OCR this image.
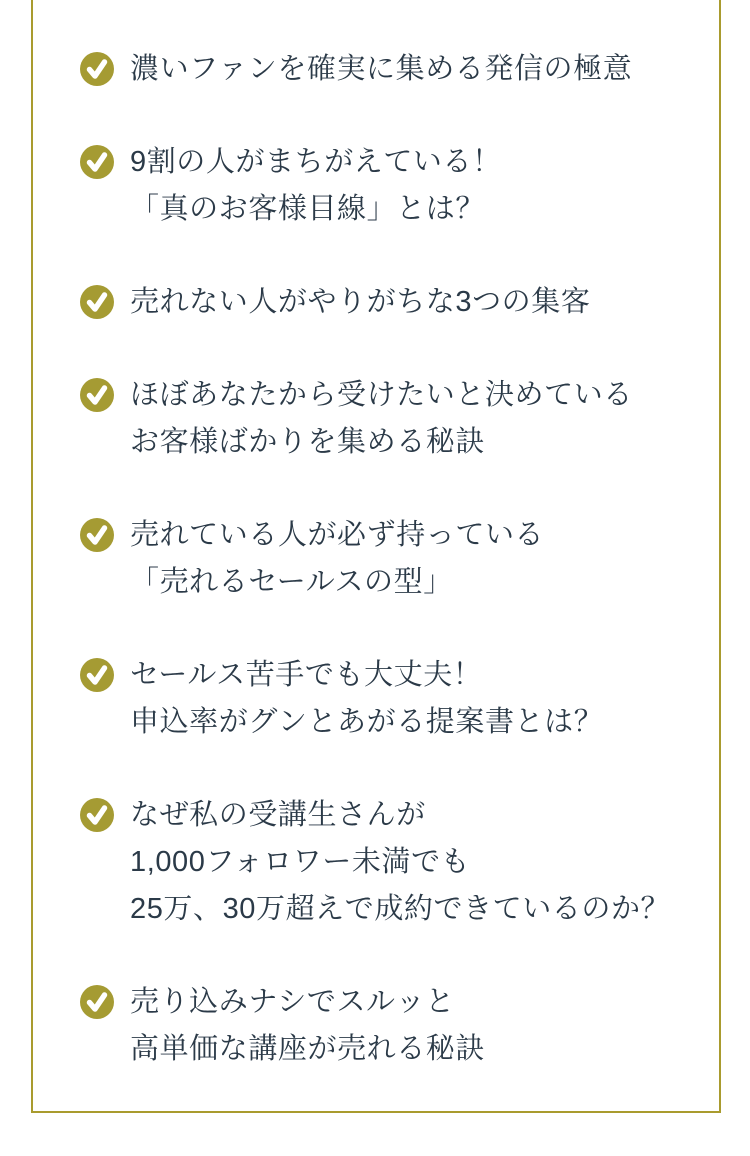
濃いファンを確実に集める発信の極意
9割の人がまちがえている！
「真のお客様目線」とは？
売れない人がやりがちな3つの集客
ほぼあなたから受けたいと決めている
お客様ばかりを集める秘訣
売れている人が必ず持っている
「売れるセールスの型」
セールス苦手でも大丈夫！
申込率がグンとあがる提案書とは？
なぜ私の受講生さんが
1,000フォロワー未満でも
25万、30万超えで成約できているのか？
売り込みナシでスルッと
高単価な講座が売れる秘訣
